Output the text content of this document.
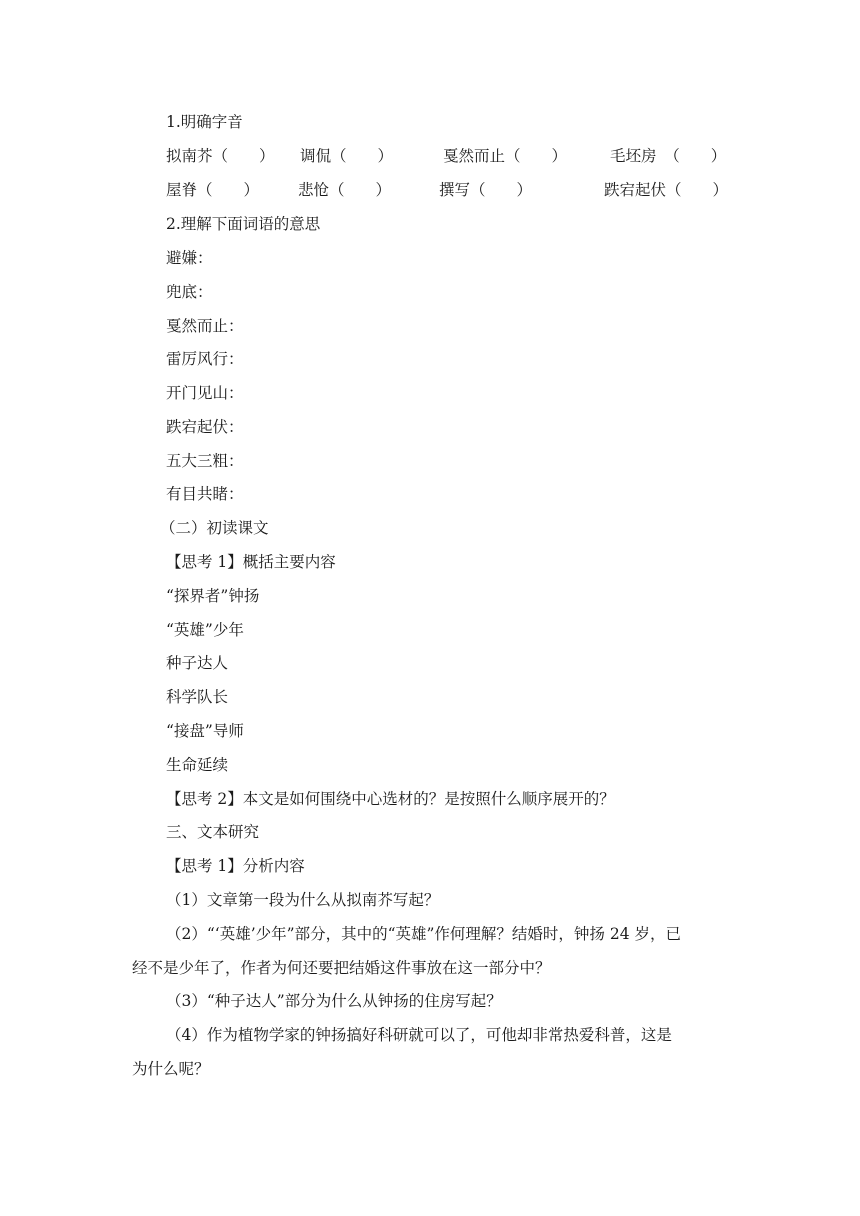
1.明确字音
拟南芥（　　） 调侃（　　）	戛然而止（　　）	毛坯房　（　　）
屋脊（　　）	悲怆（　　）	撰写（　　）	跌宕起伏（　　）
2.理解下面词语的意思
避嫌：
兜底：
戛然而止：
雷厉风行：
开门见山：
跌宕起伏：
五大三粗：
有目共睹：
（二）初读课文
【思考 1】概括主要内容
“探界者”钟扬
“英雄”少年
种子达人
科学队长
“接盘”导师
生命延续
【思考 2】本文是如何围绕中心选材的？是按照什么顺序展开的？
三、文本研究
【思考 1】分析内容
（1）文章第一段为什么从拟南芥写起？
（2）“‘英雄’少年”部分，其中的“英雄”作何理解？结婚时，钟扬 24 岁，已
经不是少年了，作者为何还要把结婚这件事放在这一部分中？
（3）“种子达人”部分为什么从钟扬的住房写起？
（4）作为植物学家的钟扬搞好科研就可以了，可他却非常热爱科普，这是
为什么呢？
